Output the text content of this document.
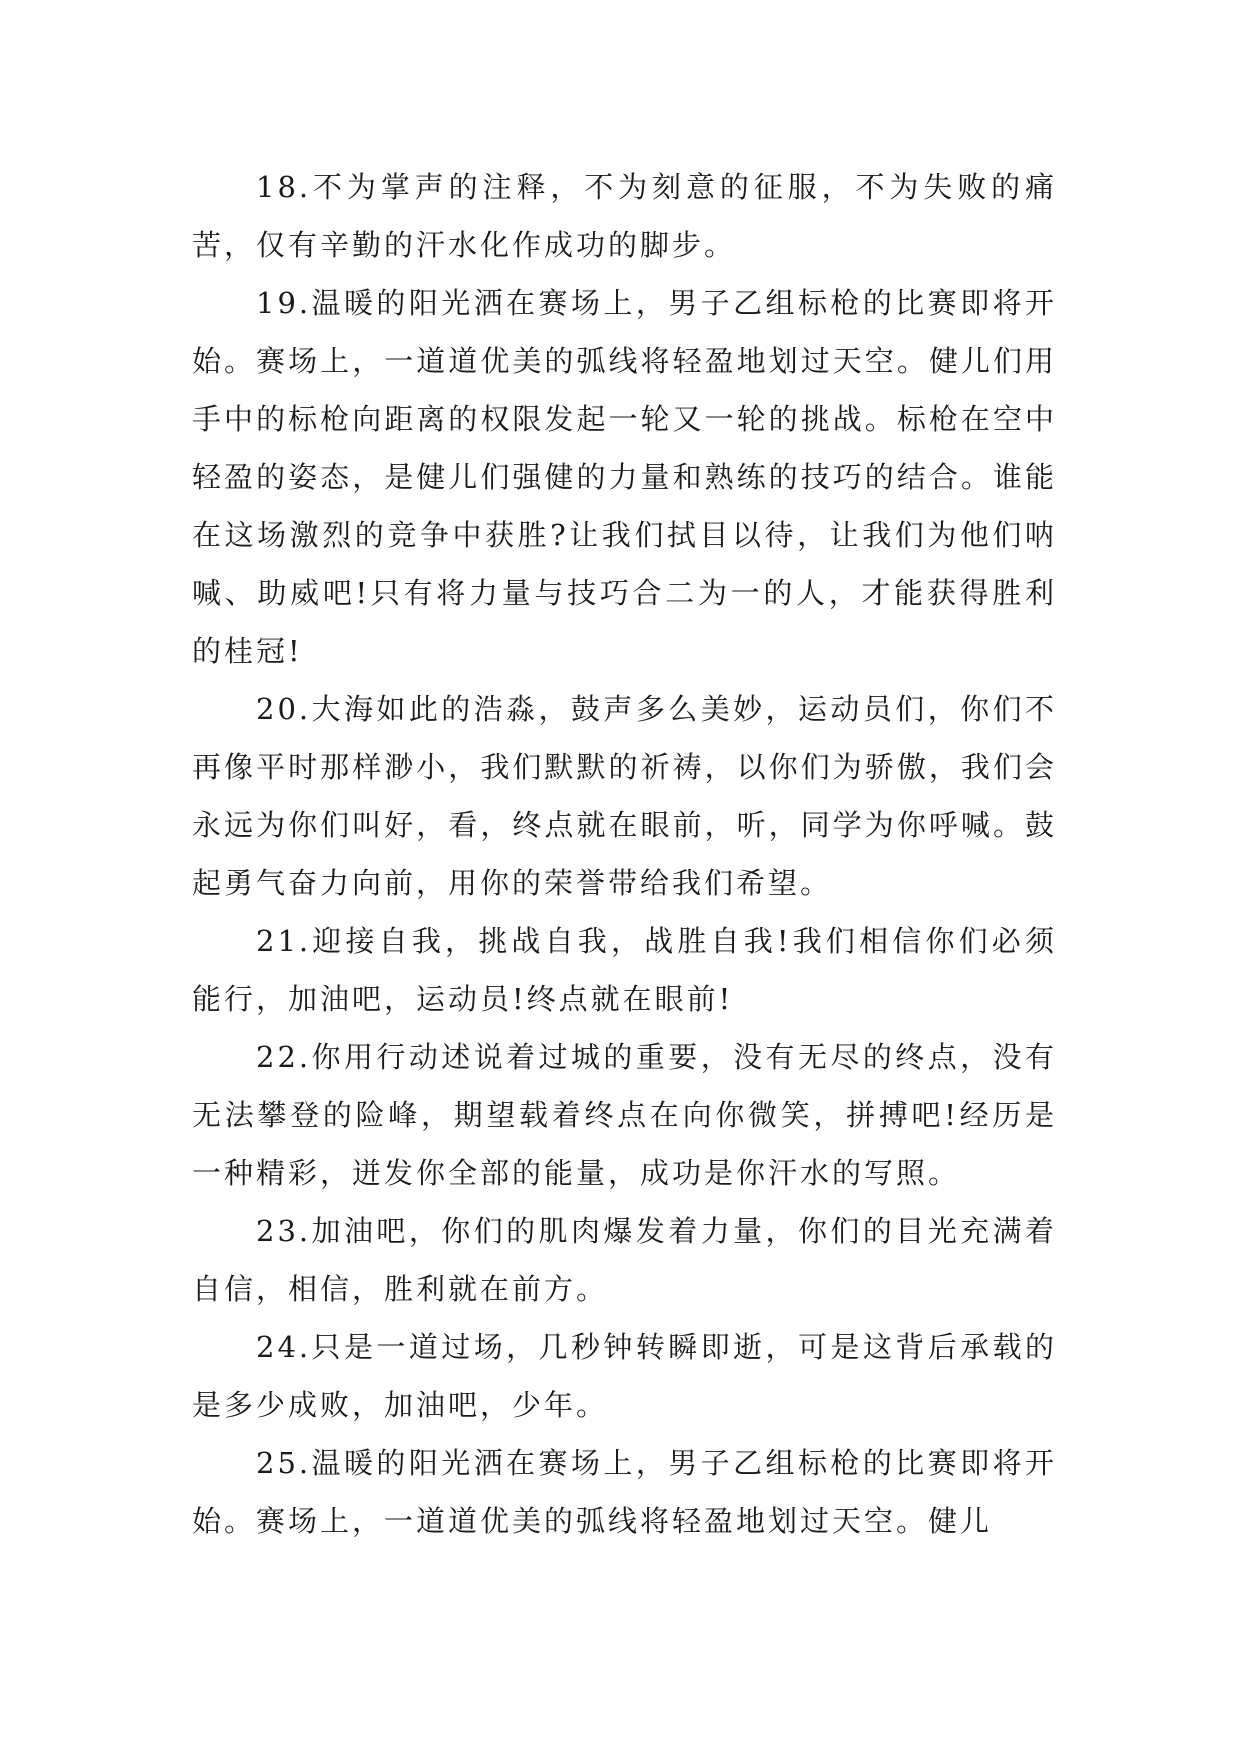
18.不为掌声的注释，不为刻意的征服，不为失败的痛苦，仅有辛勤的汗水化作成功的脚步。

19.温暖的阳光洒在赛场上，男子乙组标枪的比赛即将开始。赛场上，一道道优美的弧线将轻盈地划过天空。健儿们用手中的标枪向距离的权限发起一轮又一轮的挑战。标枪在空中轻盈的姿态，是健儿们强健的力量和熟练的技巧的结合。谁能在这场激烈的竞争中获胜?让我们拭目以待，让我们为他们呐喊、助威吧!只有将力量与技巧合二为一的人，才能获得胜利的桂冠!

20.大海如此的浩淼，鼓声多么美妙，运动员们，你们不再像平时那样渺小，我们默默的祈祷，以你们为骄傲，我们会永远为你们叫好，看，终点就在眼前，听，同学为你呼喊。鼓起勇气奋力向前，用你的荣誉带给我们希望。

21.迎接自我，挑战自我，战胜自我!我们相信你们必须能行，加油吧，运动员!终点就在眼前!

22.你用行动述说着过城的重要，没有无尽的终点，没有无法攀登的险峰，期望载着终点在向你微笑，拼搏吧!经历是一种精彩，迸发你全部的能量，成功是你汗水的写照。

23.加油吧，你们的肌肉爆发着力量，你们的目光充满着自信，相信，胜利就在前方。

24.只是一道过场，几秒钟转瞬即逝，可是这背后承载的是多少成败，加油吧，少年。

25.温暖的阳光洒在赛场上，男子乙组标枪的比赛即将开始。赛场上，一道道优美的弧线将轻盈地划过天空。健儿
